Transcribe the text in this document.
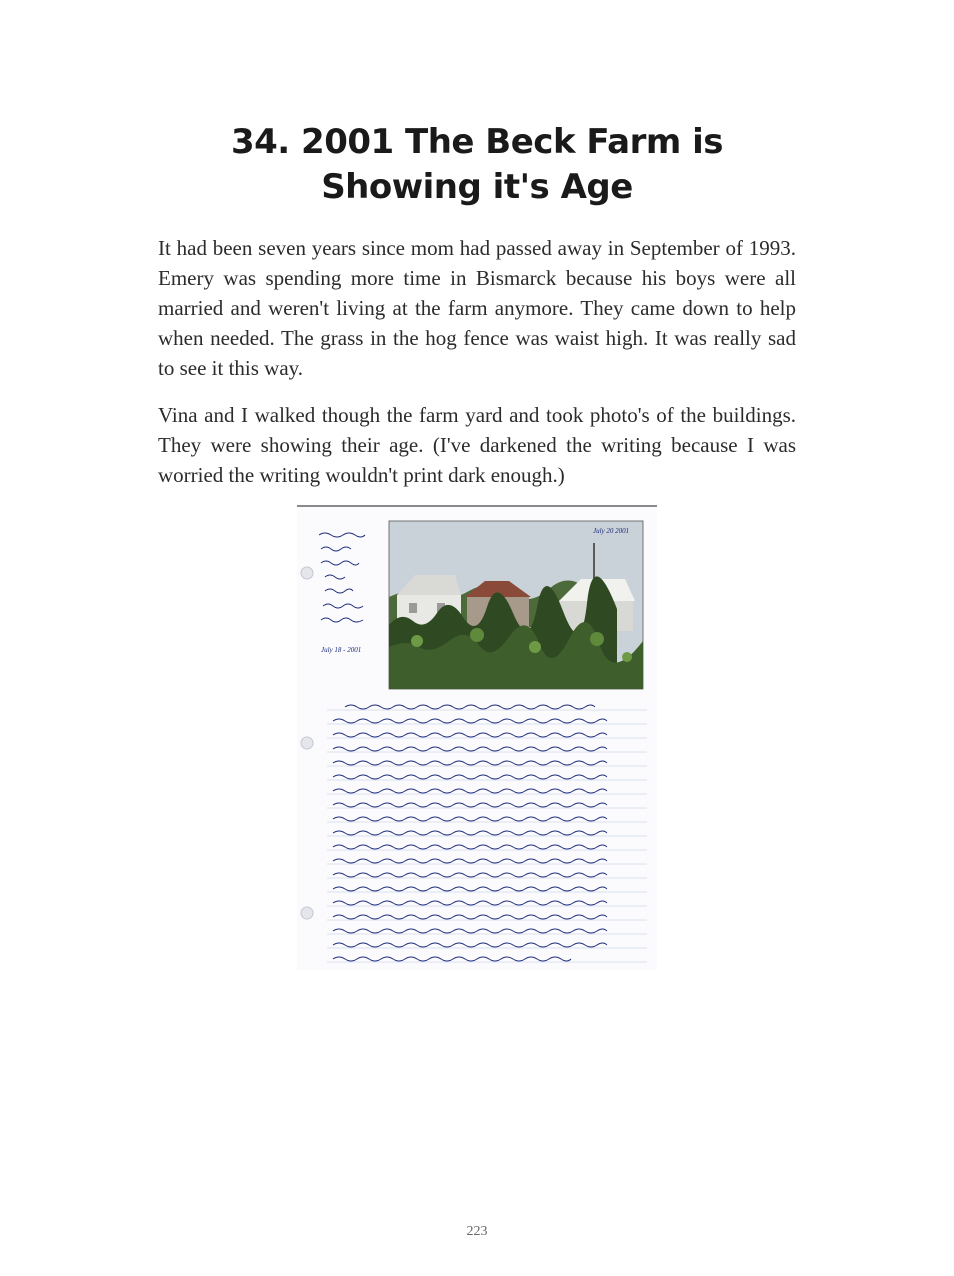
34. 2001 The Beck Farm is Showing it's Age

It had been seven years since mom had passed away in September of 1993. Emery was spending more time in Bismarck because his boys were all married and weren't living at the farm anymore. They came down to help when needed. The grass in the hog fence was waist high. It was really sad to see it this way.

Vina and I walked though the farm yard and took photo's of the buildings. They were showing their age. (I've darkened the writing because I was worried the writing wouldn't print dark enough.)

July 18 - 2001
July 20 2001
223
